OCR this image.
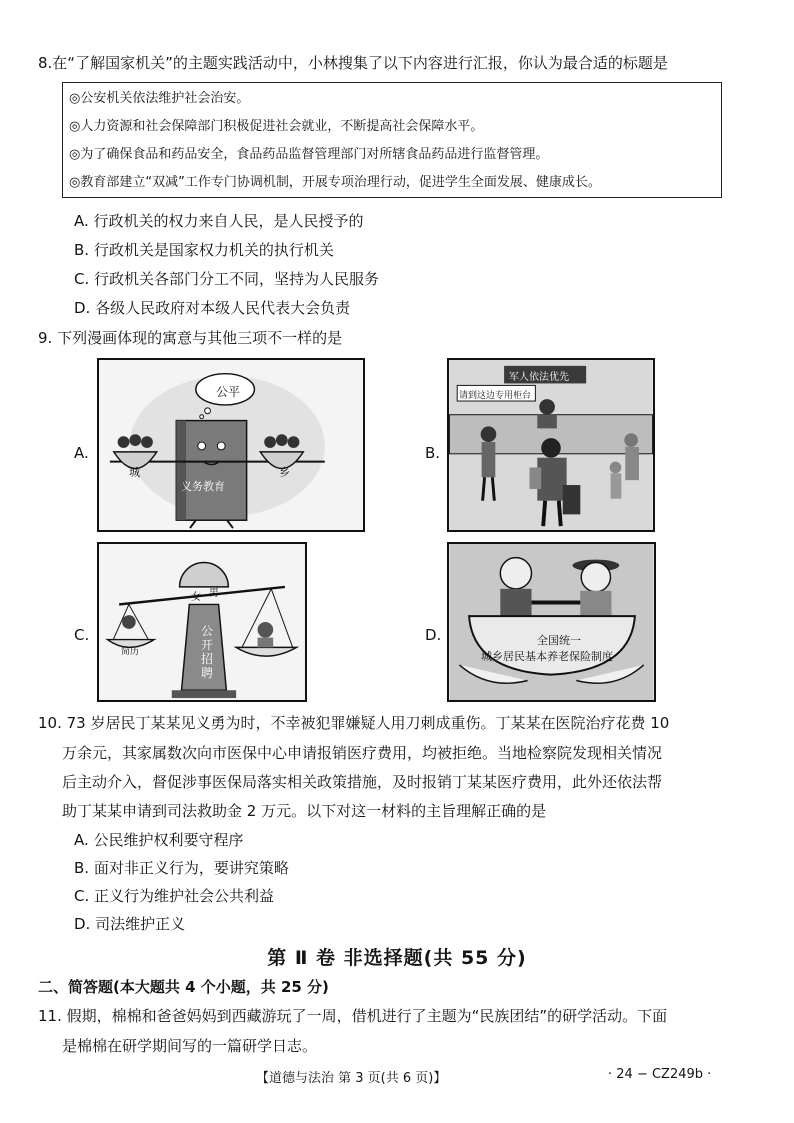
8.在“了解国家机关”的主题实践活动中，小林搜集了以下内容进行汇报，你认为最合适的标题是
◎公安机关依法维护社会治安。
◎人力资源和社会保障部门积极促进社会就业，不断提高社会保障水平。
◎为了确保食品和药品安全，食品药品监督管理部门对所辖食品药品进行监督管理。
◎教育部建立“双减”工作专门协调机制，开展专项治理行动，促进学生全面发展、健康成长。
A. 行政机关的权力来自人民，是人民授予的
B. 行政机关是国家权力机关的执行机关
C. 行政机关各部门分工不同，坚持为人民服务
D. 各级人民政府对本级人民代表大会负责
9. 下列漫画体现的寓意与其他三项不一样的是
A.	B.
C.	D.
公平
城	乡
义务教育
军人依法优先
请到这边专用柜台
女 男
公开招聘
简历
全国统一
城乡居民基本养老保险制度
10. 73 岁居民丁某某见义勇为时，不幸被犯罪嫌疑人用刀刺成重伤。丁某某在医院治疗花费 10
万余元，其家属数次向市医保中心申请报销医疗费用，均被拒绝。当地检察院发现相关情况
后主动介入，督促涉事医保局落实相关政策措施，及时报销丁某某医疗费用，此外还依法帮
助丁某某申请到司法救助金 2 万元。以下对这一材料的主旨理解正确的是
A. 公民维护权利要守程序
B. 面对非正义行为，要讲究策略
C. 正义行为维护社会公共利益
D. 司法维护正义
第 Ⅱ 卷 非选择题(共 55 分)
二、简答题(本大题共 4 个小题，共 25 分)
11. 假期，棉棉和爸爸妈妈到西藏游玩了一周，借机进行了主题为“民族团结”的研学活动。下面
是棉棉在研学期间写的一篇研学日志。
【道德与法治 第 3 页(共 6 页)】	· 24 − CZ249b ·
